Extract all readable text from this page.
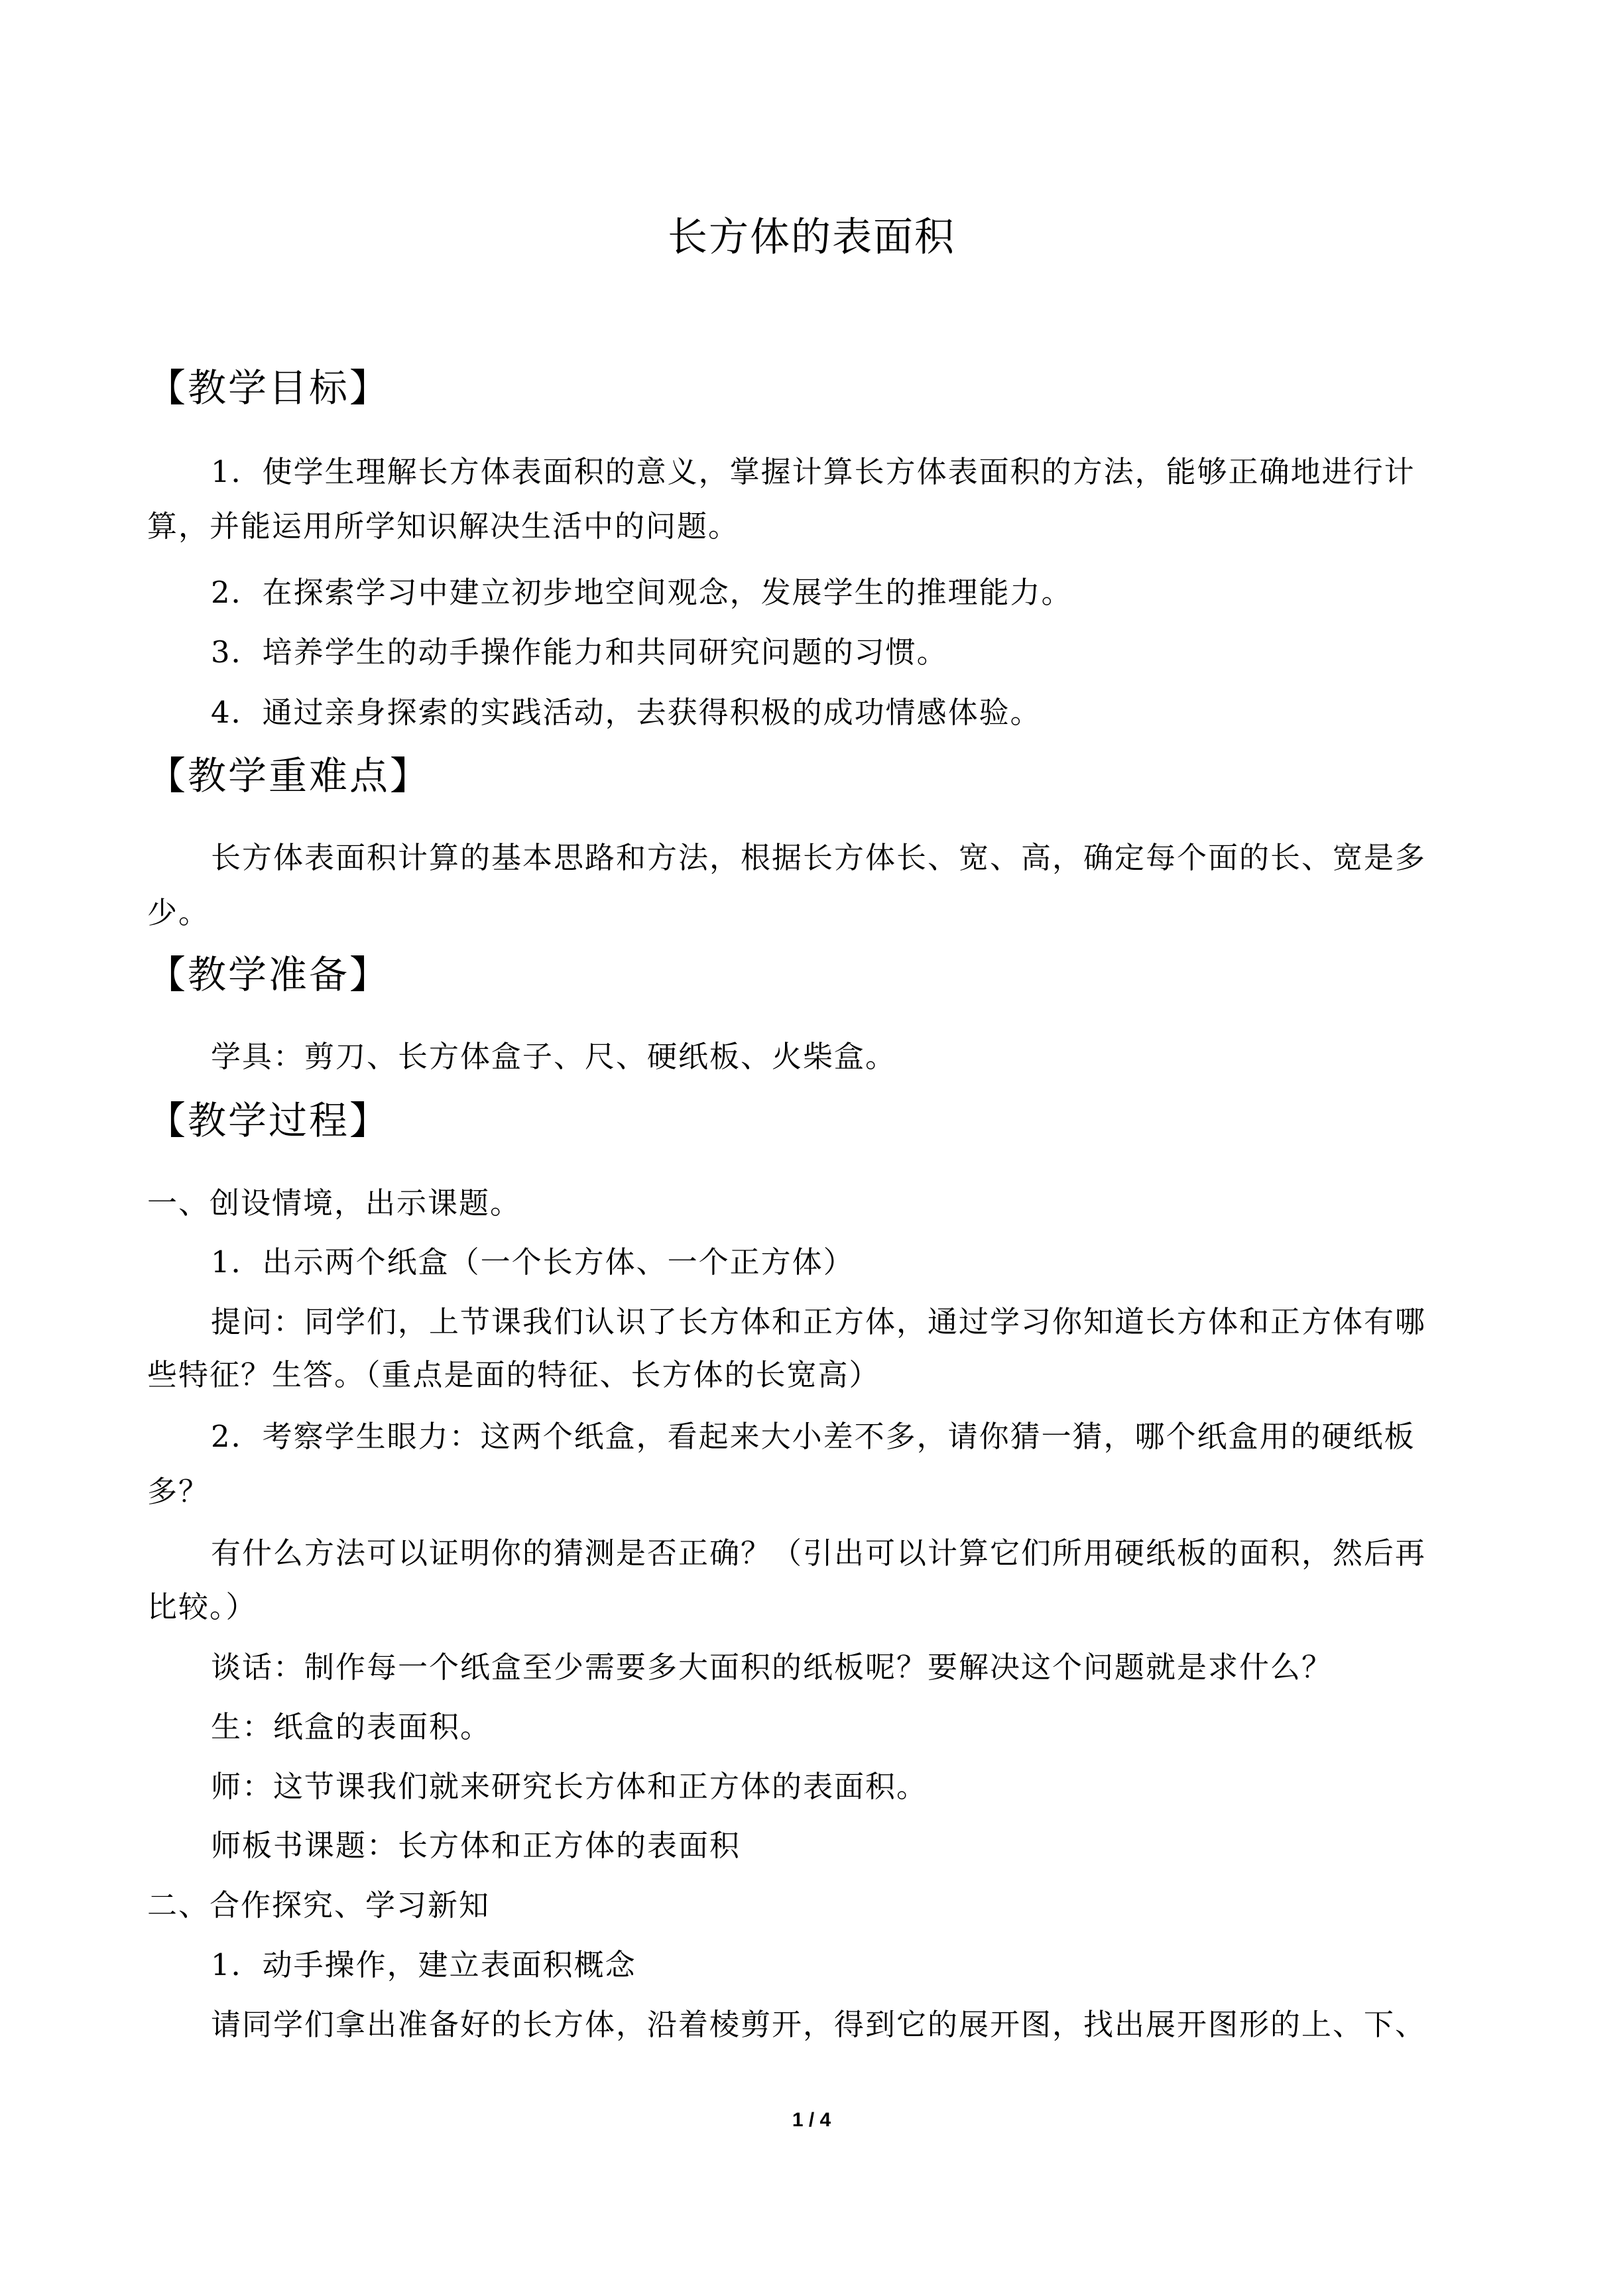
长方体的表面积
【教学目标】
1．使学生理解长方体表面积的意义，掌握计算长方体表面积的方法，能够正确地进行计
算，并能运用所学知识解决生活中的问题。
2．在探索学习中建立初步地空间观念，发展学生的推理能力。
3．培养学生的动手操作能力和共同研究问题的习惯。
4．通过亲身探索的实践活动，去获得积极的成功情感体验。
【教学重难点】
长方体表面积计算的基本思路和方法，根据长方体长、宽、高，确定每个面的长、宽是多
少。
【教学准备】
学具：剪刀、长方体盒子、尺、硬纸板、火柴盒。
【教学过程】
一、创设情境，出示课题。
1．出示两个纸盒（一个长方体、一个正方体）
提问：同学们，上节课我们认识了长方体和正方体，通过学习你知道长方体和正方体有哪
些特征？生答。（重点是面的特征、长方体的长宽高）
2．考察学生眼力：这两个纸盒，看起来大小差不多，请你猜一猜，哪个纸盒用的硬纸板
多？
有什么方法可以证明你的猜测是否正确？（引出可以计算它们所用硬纸板的面积，然后再
比较。）
谈话：制作每一个纸盒至少需要多大面积的纸板呢？要解决这个问题就是求什么？
生：纸盒的表面积。
师：这节课我们就来研究长方体和正方体的表面积。
师板书课题：长方体和正方体的表面积
二、合作探究、学习新知
1．动手操作，建立表面积概念
请同学们拿出准备好的长方体，沿着棱剪开，得到它的展开图，找出展开图形的上、下、
1 / 4
